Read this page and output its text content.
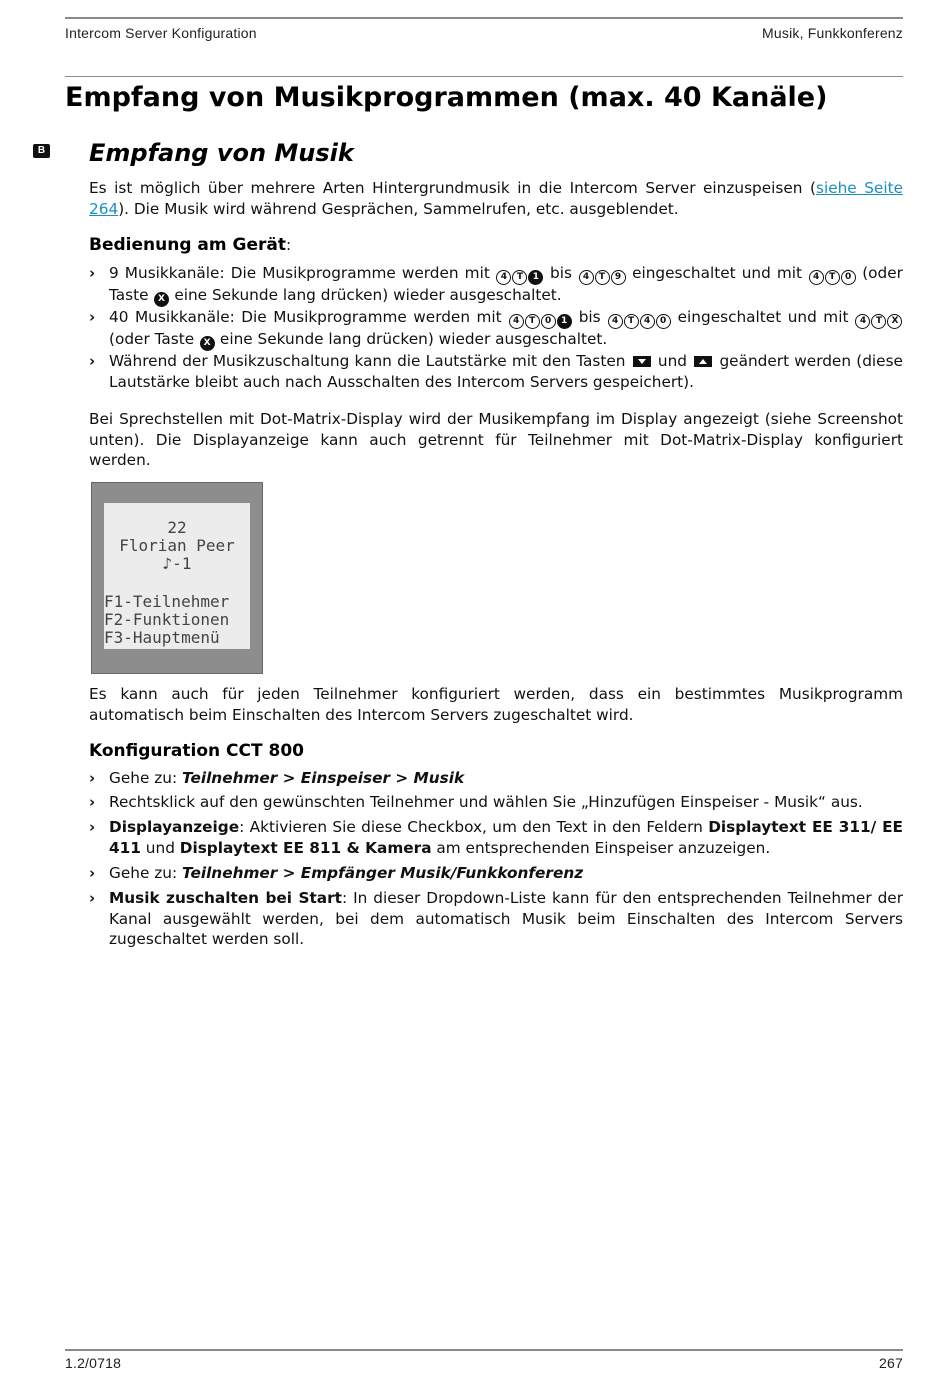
Intercom Server Konfiguration	Musik, Funkkonferenz
Empfang von Musikprogrammen (max. 40 Kanäle)
B Empfang von Musik
Es ist möglich über mehrere Arten Hintergrundmusik in die Intercom Server einzuspeisen (siehe Seite 264). Die Musik wird während Gesprächen, Sammelrufen, etc. ausgeblendet.
Bedienung am Gerät:
› 9 Musikkanäle: Die Musikprogramme werden mit 4 T 1 bis 4 T 9 eingeschaltet und mit 4 T 0 (oder Taste X eine Sekunde lang drücken) wieder ausgeschaltet.
› 40 Musikkanäle: Die Musikprogramme werden mit 4 T 0 1 bis 4 T 4 0 eingeschaltet und mit 4 T X (oder Taste X eine Sekunde lang drücken) wieder ausgeschaltet.
› Während der Musikzuschaltung kann die Lautstärke mit den Tasten und geändert werden (diese Lautstärke bleibt auch nach Ausschalten des Intercom Servers gespeichert).
Bei Sprechstellen mit Dot-Matrix-Display wird der Musikempfang im Display angezeigt (siehe Screenshot unten). Die Displayanzeige kann auch getrennt für Teilnehmer mit Dot-Matrix-Display konfiguriert werden.
22
Florian Peer
♪-1
F1-Teilnehmer
F2-Funktionen
F3-Hauptmenü
Es kann auch für jeden Teilnehmer konfiguriert werden, dass ein bestimmtes Musikprogramm automatisch beim Einschalten des Intercom Servers zugeschaltet wird.
Konfiguration CCT 800
› Gehe zu: Teilnehmer > Einspeiser > Musik
› Rechtsklick auf den gewünschten Teilnehmer und wählen Sie „Hinzufügen Einspeiser - Musik“ aus.
› Displayanzeige: Aktivieren Sie diese Checkbox, um den Text in den Feldern Displaytext EE 311/ EE 411 und Displaytext EE 811 & Kamera am entsprechenden Einspeiser anzuzeigen.
› Gehe zu: Teilnehmer > Empfänger Musik/Funkkonferenz
› Musik zuschalten bei Start: In dieser Dropdown-Liste kann für den entsprechenden Teilnehmer der Kanal ausgewählt werden, bei dem automatisch Musik beim Einschalten des Intercom Servers zugeschaltet werden soll.
1.2/0718	267
